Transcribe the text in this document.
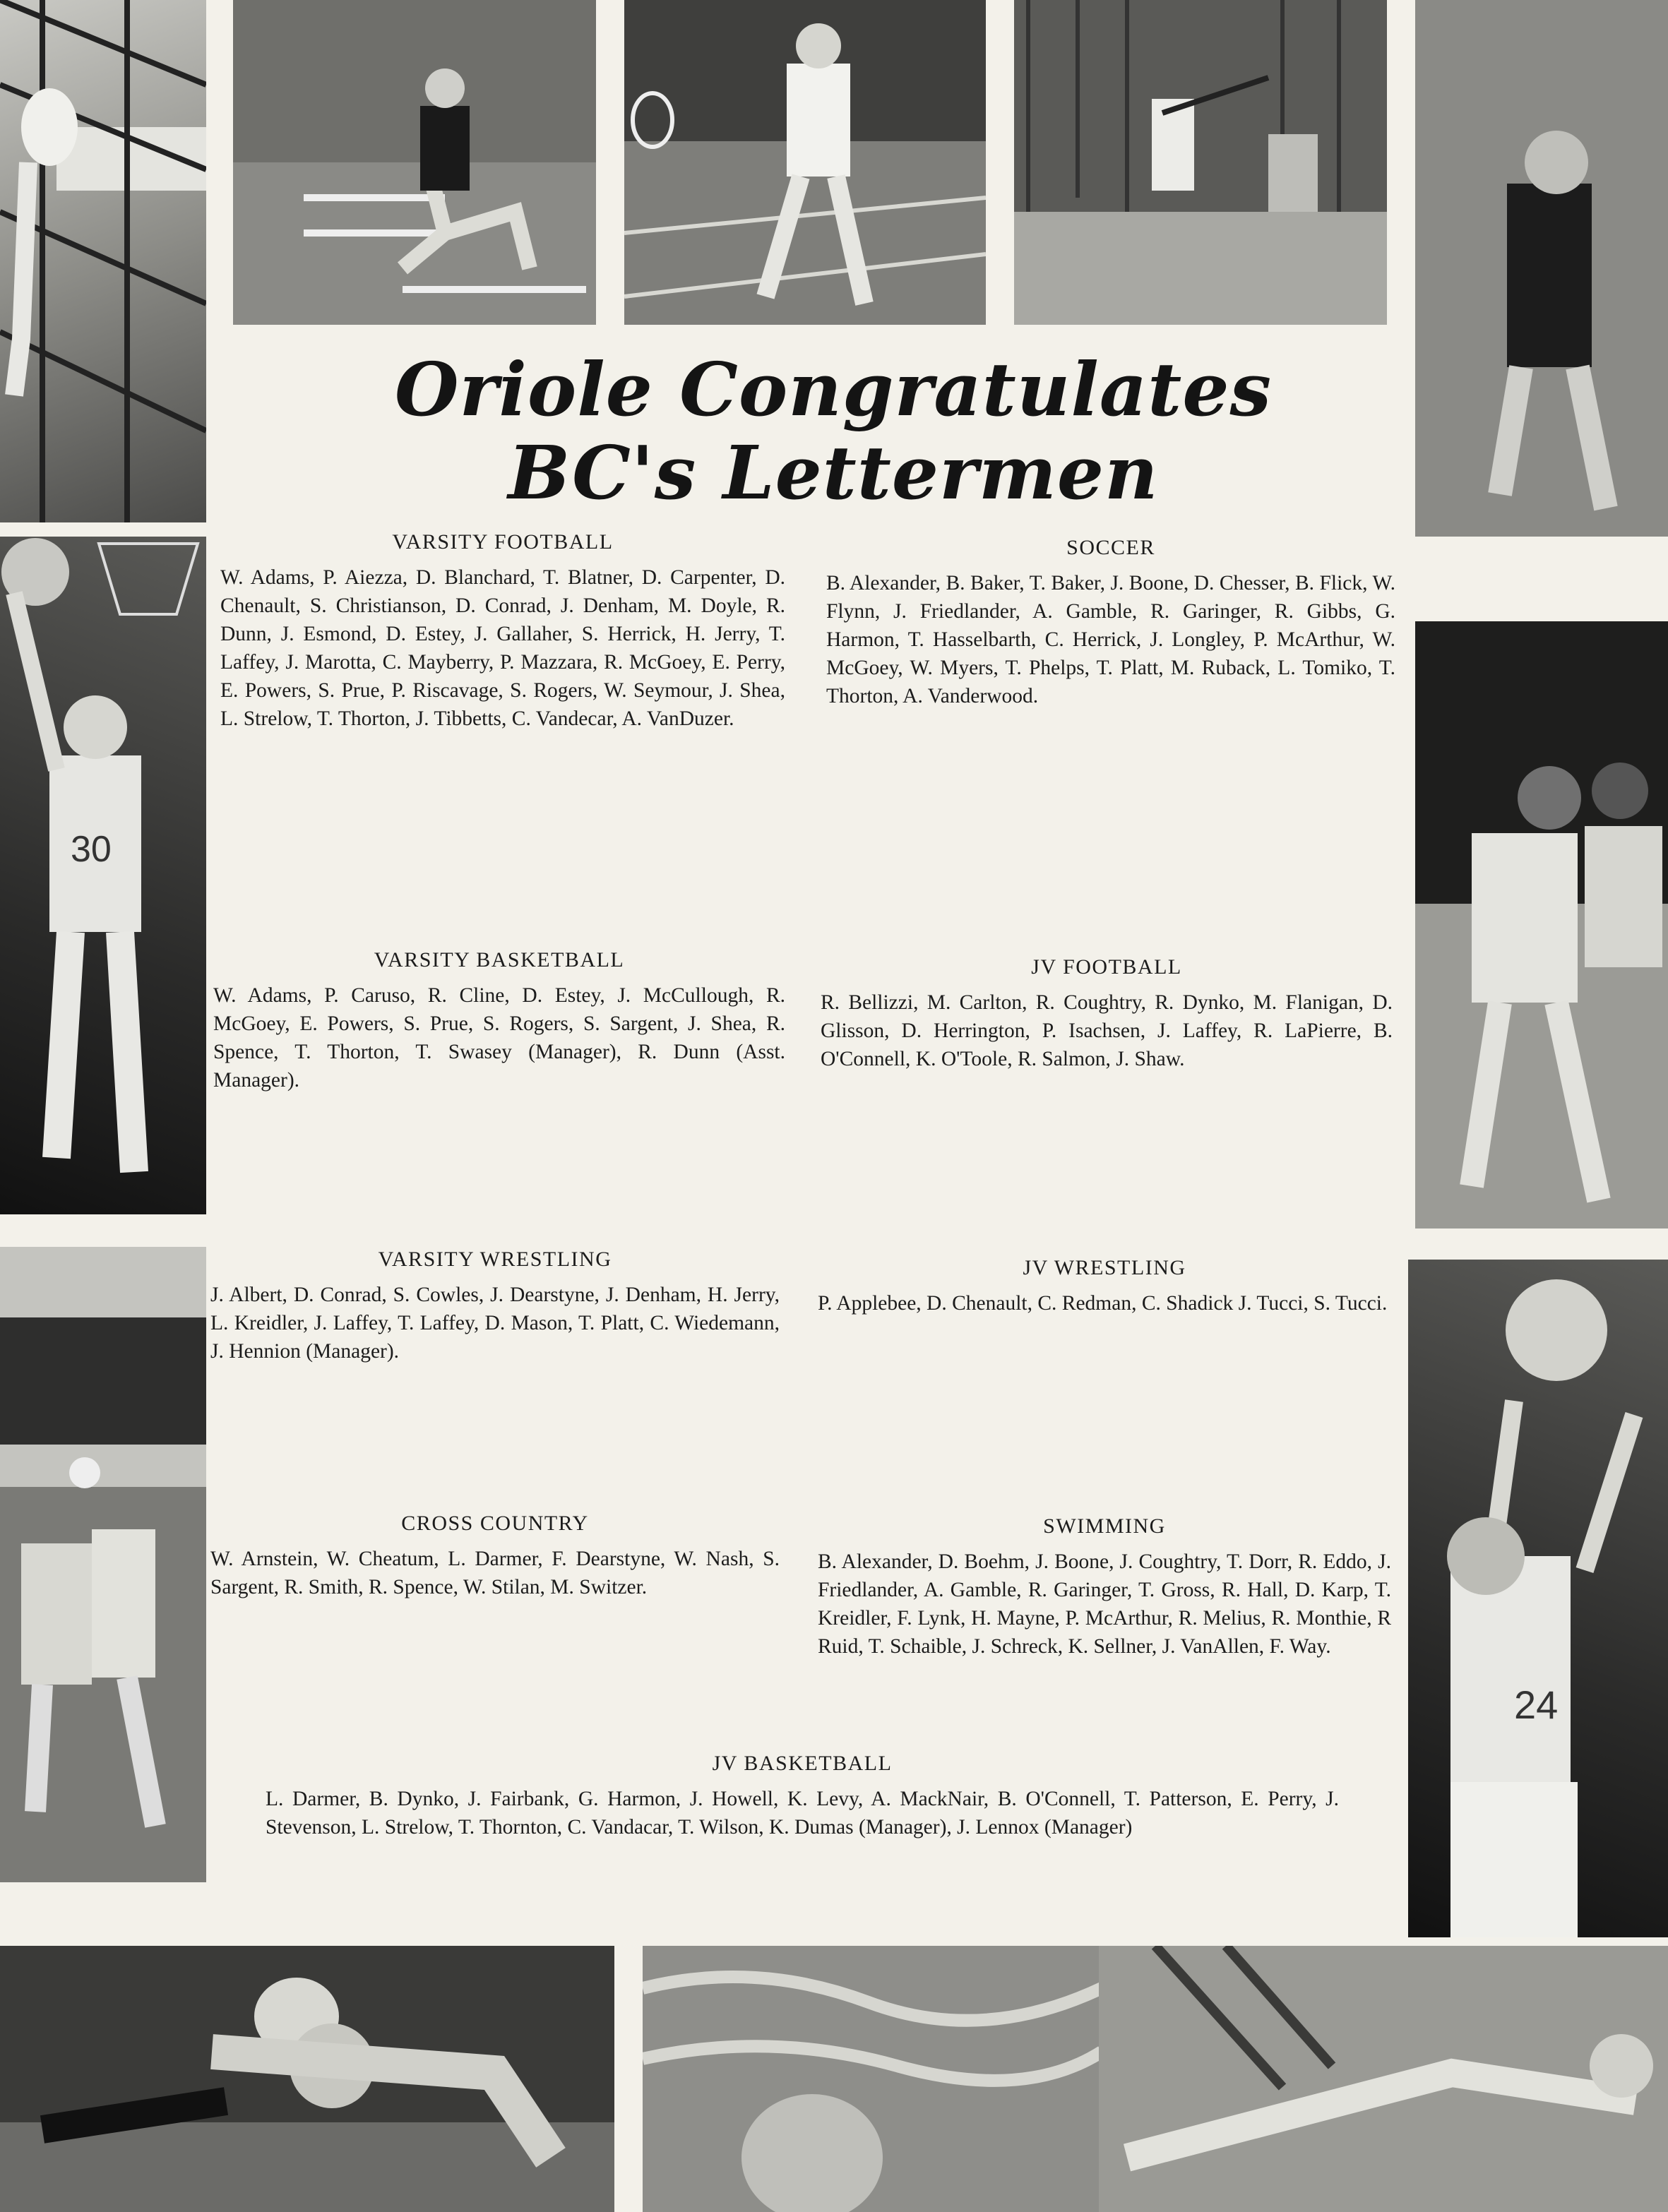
30
24
Oriole Congratulates
BC's Lettermen
VARSITY FOOTBALL

W. Adams, P. Aiezza, D. Blanchard, T. Blatner, D. Carpenter, D. Chenault, S. Christianson, D. Conrad, J. Denham, M. Doyle, R. Dunn, J. Esmond, D. Estey, J. Gallaher, S. Herrick, H. Jerry, T. Laffey, J. Marotta, C. Mayberry, P. Mazzara, R. McGoey, E. Perry, E. Powers, S. Prue, P. Riscavage, S. Rogers, W. Seymour, J. Shea, L. Strelow, T. Thorton, J. Tibbetts, C. Vandecar, A. VanDuzer.

SOCCER

B. Alexander, B. Baker, T. Baker, J. Boone, D. Chesser, B. Flick, W. Flynn, J. Friedlander, A. Gamble, R. Garinger, R. Gibbs, G. Harmon, T. Hasselbarth, C. Herrick, J. Longley, P. McArthur, W. McGoey, W. Myers, T. Phelps, T. Platt, M. Ruback, L. Tomiko, T. Thorton, A. Vanderwood.

VARSITY BASKETBALL

W. Adams, P. Caruso, R. Cline, D. Estey, J. McCullough, R. McGoey, E. Powers, S. Prue, S. Rogers, S. Sargent, J. Shea, R. Spence, T. Thorton, T. Swasey (Manager), R. Dunn (Asst. Manager).

JV FOOTBALL

R. Bellizzi, M. Carlton, R. Coughtry, R. Dynko, M. Flanigan, D. Glisson, D. Herrington, P. Isachsen, J. Laffey, R. LaPierre, B. O'Connell, K. O'Toole, R. Salmon, J. Shaw.

VARSITY WRESTLING

J. Albert, D. Conrad, S. Cowles, J. Dearstyne, J. Denham, H. Jerry, L. Kreidler, J. Laffey, T. Laffey, D. Mason, T. Platt, C. Wiedemann, J. Hennion (Manager).

JV WRESTLING

P. Applebee, D. Chenault, C. Redman, C. Shadick J. Tucci, S. Tucci.

CROSS COUNTRY

W. Arnstein, W. Cheatum, L. Darmer, F. Dearstyne, W. Nash, S. Sargent, R. Smith, R. Spence, W. Stilan, M. Switzer.

SWIMMING

B. Alexander, D. Boehm, J. Boone, J. Coughtry, T. Dorr, R. Eddo, J. Friedlander, A. Gamble, R. Garinger, T. Gross, R. Hall, D. Karp, T. Kreidler, F. Lynk, H. Mayne, P. McArthur, R. Melius, R. Monthie, R Ruid, T. Schaible, J. Schreck, K. Sellner, J. VanAllen, F. Way.

JV BASKETBALL

L. Darmer, B. Dynko, J. Fairbank, G. Harmon, J. Howell, K. Levy, A. MackNair, B. O'Connell, T. Patterson, E. Perry, J. Stevenson, L. Strelow, T. Thornton, C. Vandacar, T. Wilson, K. Dumas (Manager), J. Lennox (Manager)
